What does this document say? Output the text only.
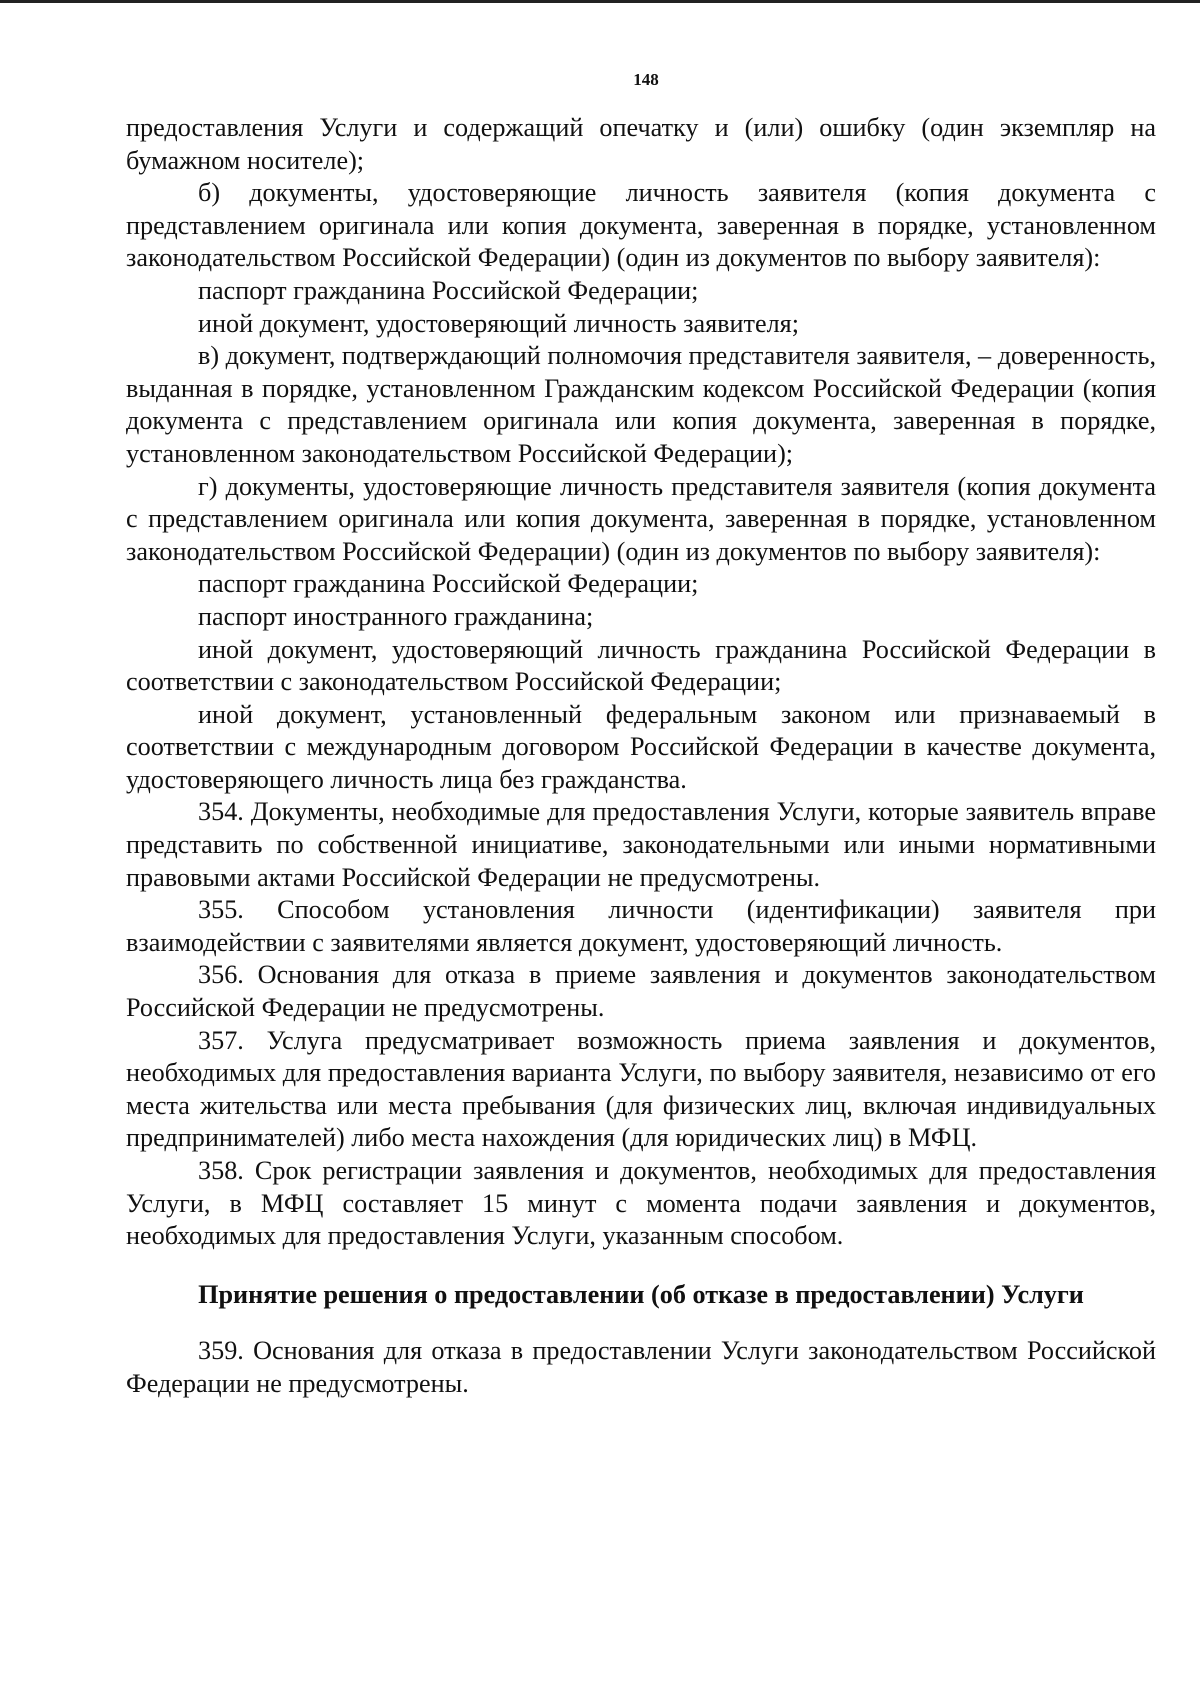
148

предоставления Услуги и содержащий опечатку и (или) ошибку (один экземпляр на бумажном носителе);

б) документы, удостоверяющие личность заявителя (копия документа с представлением оригинала или копия документа, заверенная в порядке, установленном законодательством Российской Федерации) (один из документов по выбору заявителя):

паспорт гражданина Российской Федерации;

иной документ, удостоверяющий личность заявителя;

в) документ, подтверждающий полномочия представителя заявителя, – доверенность, выданная в порядке, установленном Гражданским кодексом Российской Федерации (копия документа с представлением оригинала или копия документа, заверенная в порядке, установленном законодательством Российской Федерации);

г) документы, удостоверяющие личность представителя заявителя (копия документа с представлением оригинала или копия документа, заверенная в порядке, установленном законодательством Российской Федерации) (один из документов по выбору заявителя):

паспорт гражданина Российской Федерации;

паспорт иностранного гражданина;

иной документ, удостоверяющий личность гражданина Российской Федерации в соответствии с законодательством Российской Федерации;

иной документ, установленный федеральным законом или признаваемый в соответствии с международным договором Российской Федерации в качестве документа, удостоверяющего личность лица без гражданства.

354. Документы, необходимые для предоставления Услуги, которые заявитель вправе представить по собственной инициативе, законодательными или иными нормативными правовыми актами Российской Федерации не предусмотрены.

355. Способом установления личности (идентификации) заявителя при взаимодействии с заявителями является документ, удостоверяющий личность.

356. Основания для отказа в приеме заявления и документов законодательством Российской Федерации не предусмотрены.

357. Услуга предусматривает возможность приема заявления и документов, необходимых для предоставления варианта Услуги, по выбору заявителя, независимо от его места жительства или места пребывания (для физических лиц, включая индивидуальных предпринимателей) либо места нахождения (для юридических лиц) в МФЦ.

358. Срок регистрации заявления и документов, необходимых для предоставления Услуги, в МФЦ составляет 15 минут с момента подачи заявления и документов, необходимых для предоставления Услуги, указанным способом.

Принятие решения о предоставлении (об отказе в предоставлении) Услуги

359. Основания для отказа в предоставлении Услуги законодательством Российской Федерации не предусмотрены.
